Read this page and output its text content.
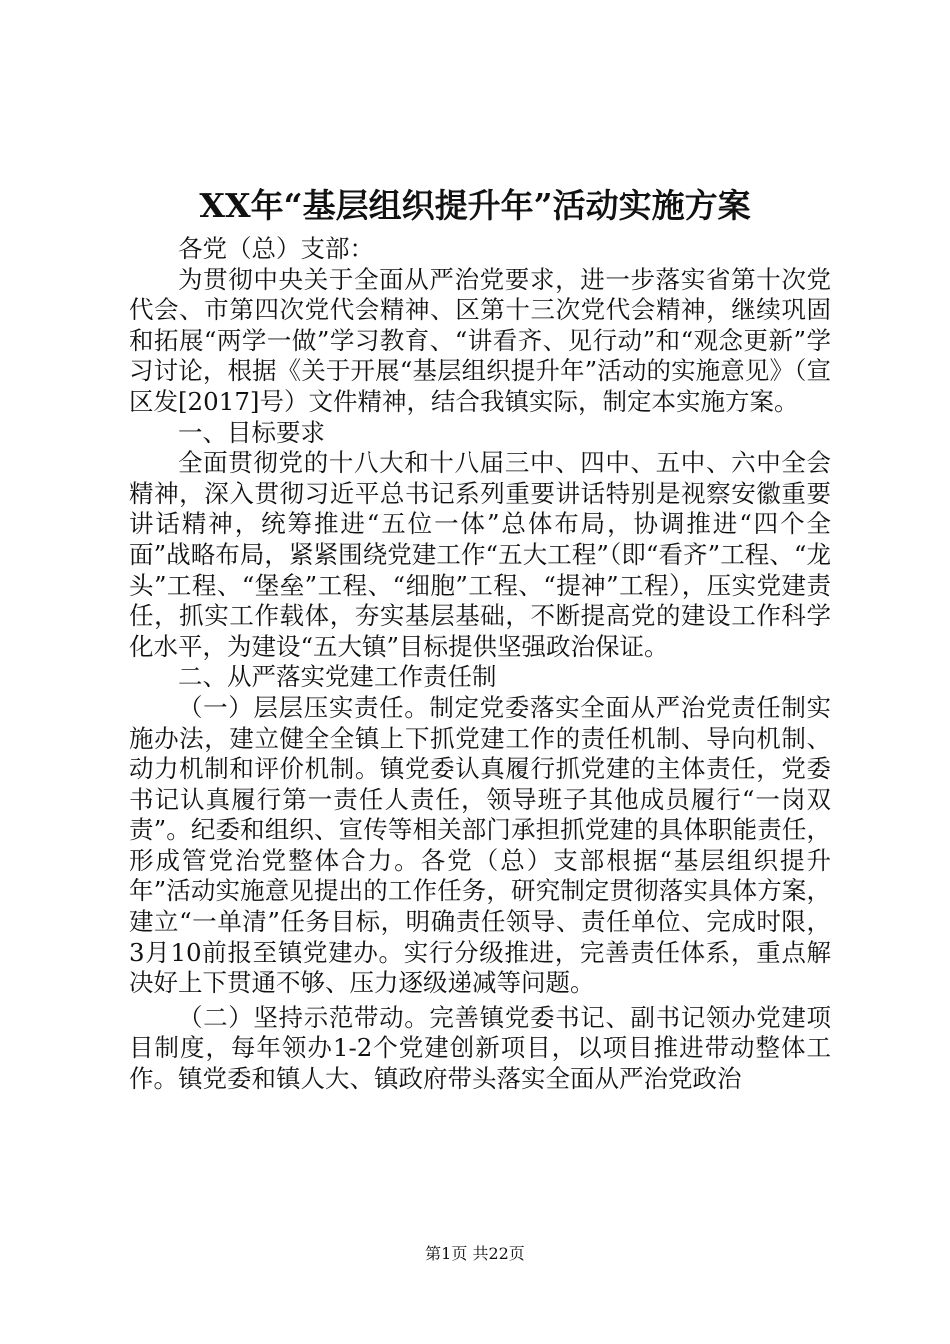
XX年“基层组织提升年”活动实施方案

各党（总）支部：

为贯彻中央关于全面从严治党要求，进一步落实省第十次党代会、市第四次党代会精神、区第十三次党代会精神，继续巩固和拓展“两学一做”学习教育、“讲看齐、见行动”和“观念更新”学习讨论，根据《关于开展“基层组织提升年”活动的实施意见》（宣区发[2017]号）文件精神，结合我镇实际，制定本实施方案。

一、目标要求

全面贯彻党的十八大和十八届三中、四中、五中、六中全会精神，深入贯彻习近平总书记系列重要讲话特别是视察安徽重要讲话精神，统筹推进“五位一体”总体布局，协调推进“四个全面”战略布局，紧紧围绕党建工作“五大工程”（即“看齐”工程、“龙头”工程、“堡垒”工程、“细胞”工程、“提神”工程），压实党建责任，抓实工作载体，夯实基层基础，不断提高党的建设工作科学化水平，为建设“五大镇”目标提供坚强政治保证。

二、从严落实党建工作责任制

（一）层层压实责任。制定党委落实全面从严治党责任制实施办法，建立健全全镇上下抓党建工作的责任机制、导向机制、动力机制和评价机制。镇党委认真履行抓党建的主体责任，党委书记认真履行第一责任人责任，领导班子其他成员履行“一岗双责”。纪委和组织、宣传等相关部门承担抓党建的具体职能责任，形成管党治党整体合力。各党（总）支部根据“基层组织提升年”活动实施意见提出的工作任务，研究制定贯彻落实具体方案，建立“一单清”任务目标，明确责任领导、责任单位、完成时限，3月10前报至镇党建办。实行分级推进，完善责任体系，重点解决好上下贯通不够、压力逐级递减等问题。

（二）坚持示范带动。完善镇党委书记、副书记领办党建项目制度，每年领办1-2个党建创新项目，以项目推进带动整体工作。镇党委和镇人大、镇政府带头落实全面从严治党政治

第1页 共22页
